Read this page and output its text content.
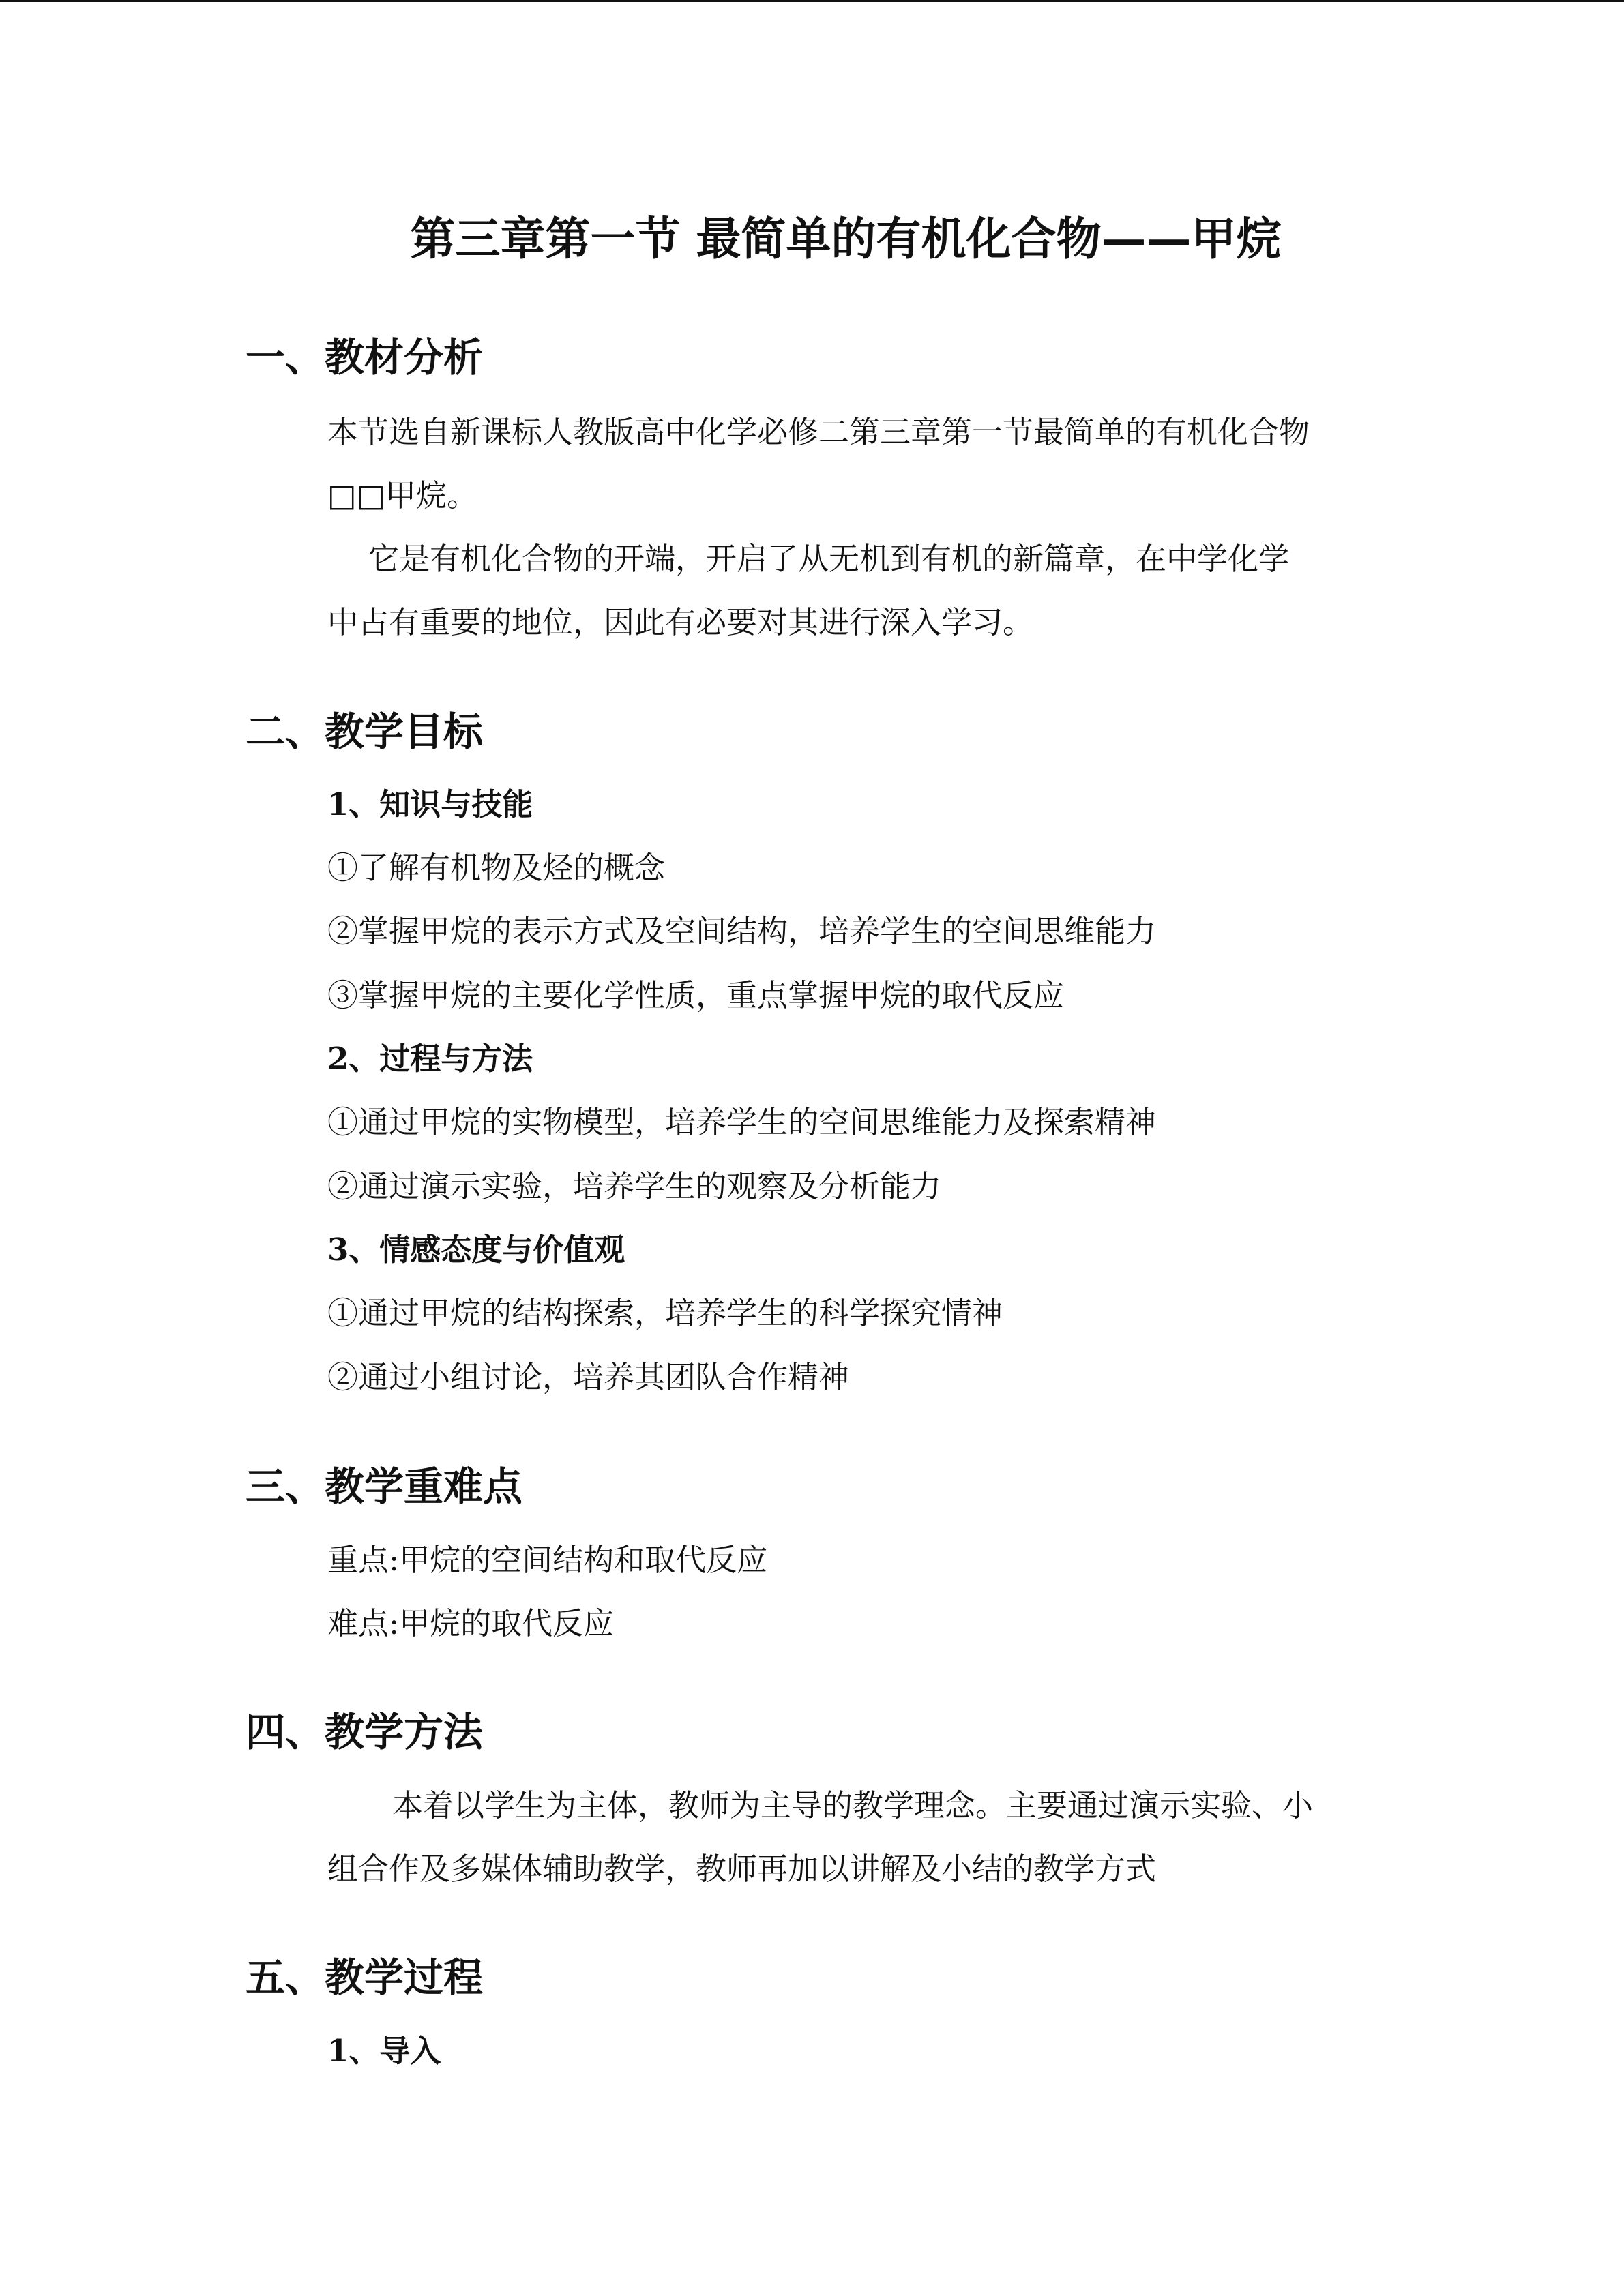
第三章第一节 最简单的有机化合物——甲烷
一、教材分析
本节选自新课标人教版高中化学必修二第三章第一节最简单的有机化合物
□□甲烷。
它是有机化合物的开端，开启了从无机到有机的新篇章，在中学化学
中占有重要的地位，因此有必要对其进行深入学习。
二、教学目标
1、知识与技能
①了解有机物及烃的概念
②掌握甲烷的表示方式及空间结构，培养学生的空间思维能力
③掌握甲烷的主要化学性质，重点掌握甲烷的取代反应
2、过程与方法
①通过甲烷的实物模型，培养学生的空间思维能力及探索精神
②通过演示实验，培养学生的观察及分析能力
3、情感态度与价值观
①通过甲烷的结构探索，培养学生的科学探究情神
②通过小组讨论，培养其团队合作精神
三、教学重难点
重点:甲烷的空间结构和取代反应
难点:甲烷的取代反应
四、教学方法
本着以学生为主体，教师为主导的教学理念。主要通过演示实验、小
组合作及多媒体辅助教学，教师再加以讲解及小结的教学方式
五、教学过程
1、导入
